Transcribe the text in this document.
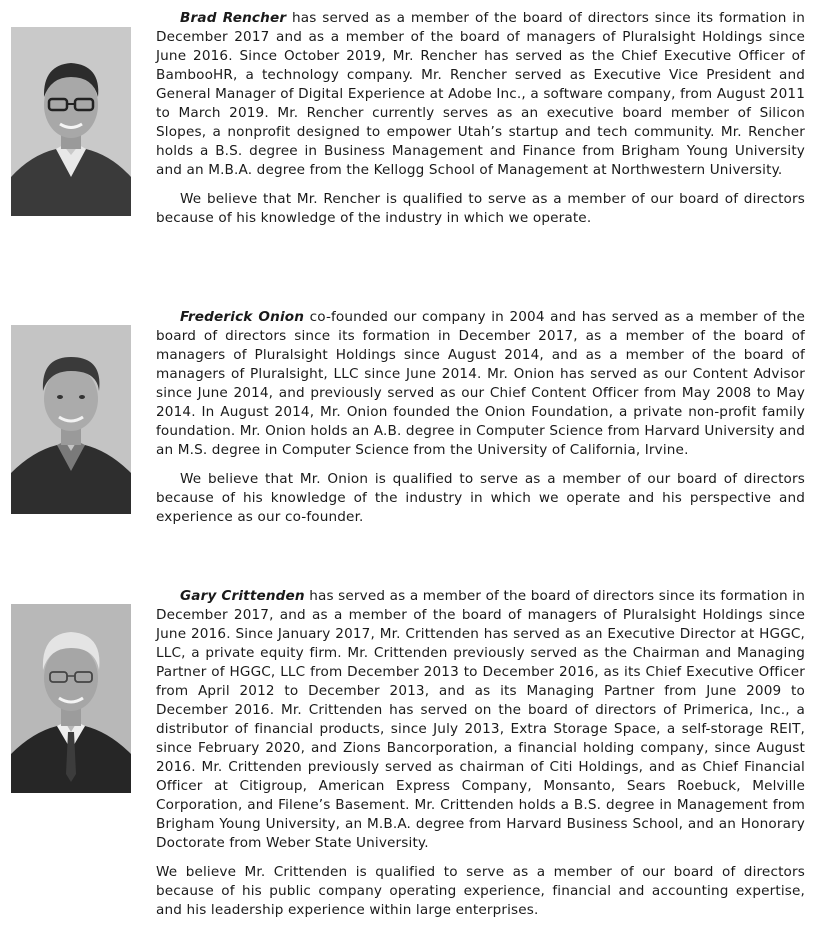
Brad Rencher has served as a member of the board of directors since its formation in December 2017 and as a member of the board of managers of Pluralsight Holdings since June 2016. Since October 2019, Mr. Rencher has served as the Chief Executive Officer of BambooHR, a technology company. Mr. Rencher served as Executive Vice President and General Manager of Digital Experience at Adobe Inc., a software company, from August 2011 to March 2019. Mr. Rencher currently serves as an executive board member of Silicon Slopes, a nonprofit designed to empower Utah’s startup and tech community. Mr. Rencher holds a B.S. degree in Business Management and Finance from Brigham Young University and an M.B.A. degree from the Kellogg School of Management at Northwestern University.

We believe that Mr. Rencher is qualified to serve as a member of our board of directors because of his knowledge of the industry in which we operate.

Frederick Onion co-founded our company in 2004 and has served as a member of the board of directors since its formation in December 2017, as a member of the board of managers of Pluralsight Holdings since August 2014, and as a member of the board of managers of Pluralsight, LLC since June 2014. Mr. Onion has served as our Content Advisor since June 2014, and previously served as our Chief Content Officer from May 2008 to May 2014. In August 2014, Mr. Onion founded the Onion Foundation, a private non-profit family foundation. Mr. Onion holds an A.B. degree in Computer Science from Harvard University and an M.S. degree in Computer Science from the University of California, Irvine.

We believe that Mr. Onion is qualified to serve as a member of our board of directors because of his knowledge of the industry in which we operate and his perspective and experience as our co-founder.

Gary Crittenden has served as a member of the board of directors since its formation in December 2017, and as a member of the board of managers of Pluralsight Holdings since June 2016. Since January 2017, Mr. Crittenden has served as an Executive Director at HGGC, LLC, a private equity firm. Mr. Crittenden previously served as the Chairman and Managing Partner of HGGC, LLC from December 2013 to December 2016, as its Chief Executive Officer from April 2012 to December 2013, and as its Managing Partner from June 2009 to December 2016. Mr. Crittenden has served on the board of directors of Primerica, Inc., a distributor of financial products, since July 2013, Extra Storage Space, a self-storage REIT, since February 2020, and Zions Bancorporation, a financial holding company, since August 2016. Mr. Crittenden previously served as chairman of Citi Holdings, and as Chief Financial Officer at Citigroup, American Express Company, Monsanto, Sears Roebuck, Melville Corporation, and Filene’s Basement. Mr. Crittenden holds a B.S. degree in Management from Brigham Young University, an M.B.A. degree from Harvard Business School, and an Honorary Doctorate from Weber State University.

We believe Mr. Crittenden is qualified to serve as a member of our board of directors because of his public company operating experience, financial and accounting expertise, and his leadership experience within large enterprises.
